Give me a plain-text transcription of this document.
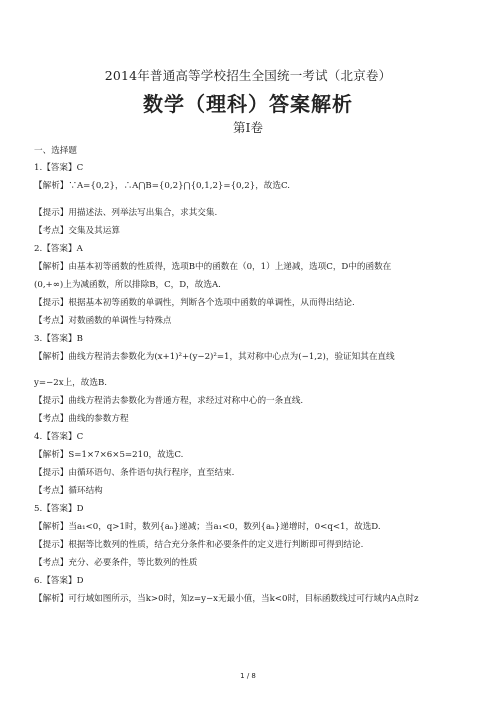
2014年普通高等学校招生全国统一考试（北京卷）
数学（理科）答案解析
第Ⅰ卷
一、选择题
1.【答案】C
【解析】∵A={0,2}，∴A⋂B={0,2}⋂{0,1,2}={0,2}，故选C.
【提示】用描述法、列举法写出集合，求其交集.
【考点】交集及其运算
2.【答案】A
【解析】由基本初等函数的性质得，选项B中的函数在（0，1）上递减，选项C，D中的函数在
(0,+∞)上为减函数，所以排除B，C，D，故选A.
【提示】根据基本初等函数的单调性，判断各个选项中函数的单调性，从而得出结论.
【考点】对数函数的单调性与特殊点
3.【答案】B
【解析】曲线方程消去参数化为(x+1)²+(y−2)²=1，其对称中心点为(−1,2)，验证知其在直线
y=−2x上，故选B.
【提示】曲线方程消去参数化为普通方程，求经过对称中心的一条直线.
【考点】曲线的参数方程
4.【答案】C
【解析】S=1×7×6×5=210，故选C.
【提示】由循环语句、条件语句执行程序，直至结束.
【考点】循环结构
5.【答案】D
【解析】当a₁<0，q>1时，数列{aₙ}递减；当a₁<0，数列{aₙ}递增时，0<q<1，故选D.
【提示】根据等比数列的性质，结合充分条件和必要条件的定义进行判断即可得到结论.
【考点】充分、必要条件，等比数列的性质
6.【答案】D
【解析】可行域如图所示，当k>0时，知z=y−x无最小值，当k<0时，目标函数线过可行域内A点时z
1 / 8
